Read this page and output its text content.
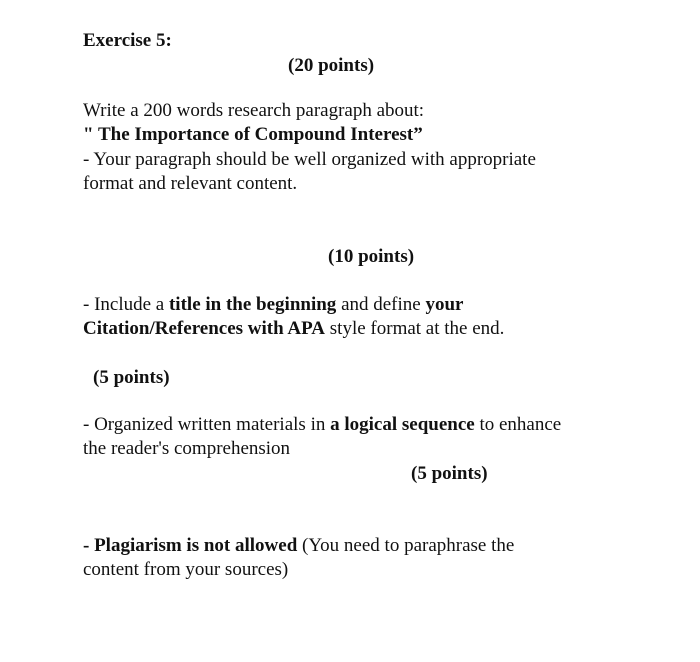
Exercise 5:

(20 points)

Write a 200 words research paragraph about:

" The Importance of Compound Interest”

- Your paragraph should be well organized with appropriate

format and relevant content.

(10 points)

- Include a title in the beginning and define your

Citation/References with APA style format at the end.

(5 points)

- Organized written materials in a logical sequence to enhance

the reader's comprehension

(5 points)

- Plagiarism is not allowed (You need to paraphrase the

content from your sources)
